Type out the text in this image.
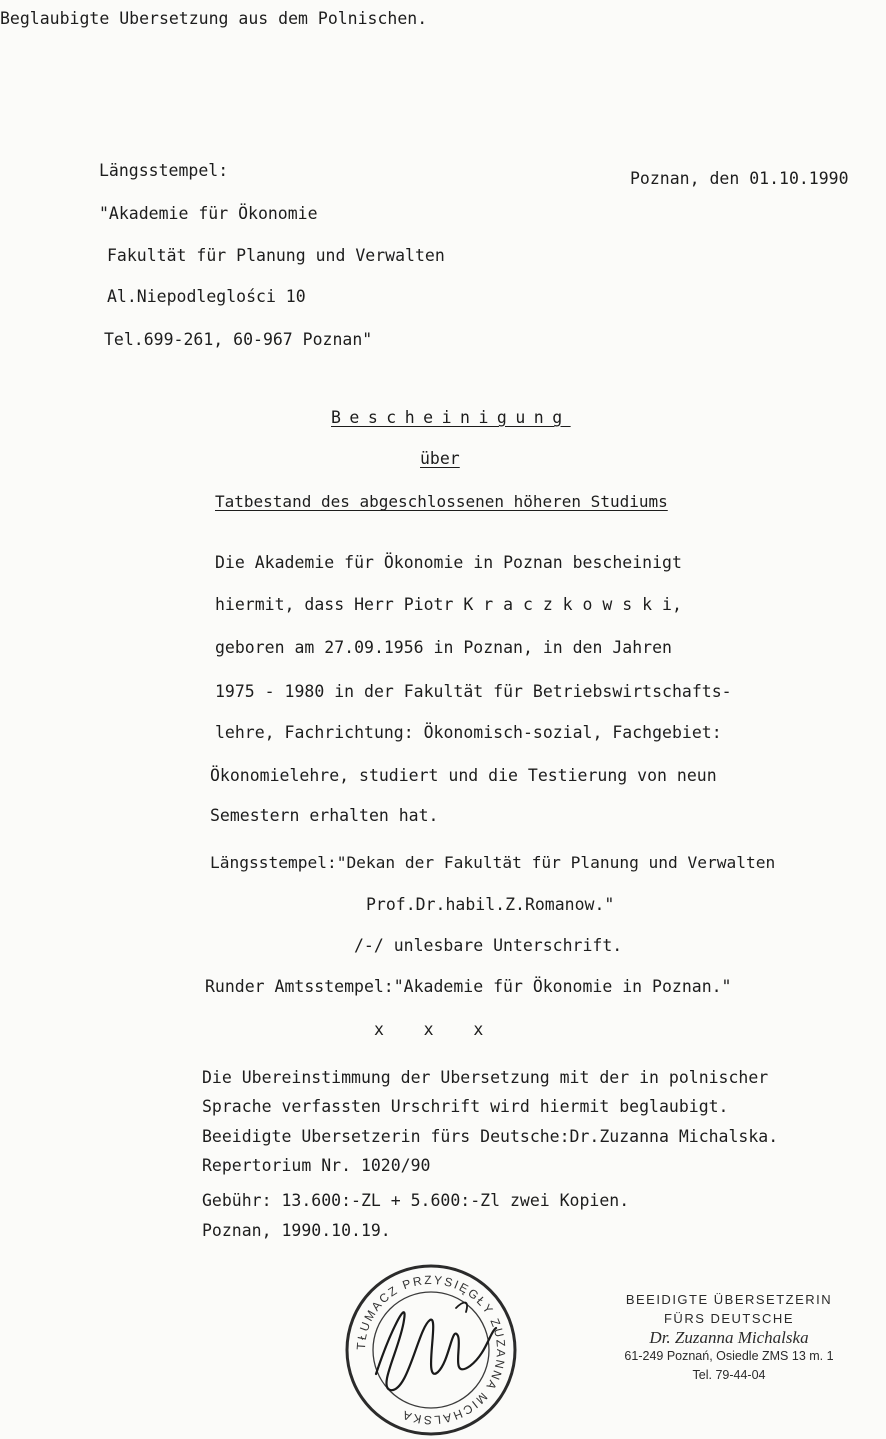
Beglaubigte Ubersetzung aus dem Polnischen.
Längsstempel:	Poznan, den 01.10.1990
"Akademie für Ökonomie
Fakultät für Planung und Verwalten
Al.Niepodleglości 10
Tel.699-261, 60-967 Poznan"
Bescheinigung
über
Tatbestand des abgeschlossenen höheren Studiums
Die Akademie für Ökonomie in Poznan bescheinigt
hiermit, dass Herr Piotr K r a c z k o w s k i,
geboren am 27.09.1956 in Poznan, in den Jahren
1975 - 1980 in der Fakultät für Betriebswirtschafts-
lehre, Fachrichtung: Ökonomisch-sozial, Fachgebiet:
Ökonomielehre, studiert und die Testierung von neun
Semestern erhalten hat.
Längsstempel:"Dekan der Fakultät für Planung und Verwalten
Prof.Dr.habil.Z.Romanow."
/-/ unlesbare Unterschrift.
Runder Amtsstempel:"Akademie für Ökonomie in Poznan."
x    x    x
Die Ubereinstimmung der Ubersetzung mit der in polnischer
Sprache verfassten Urschrift wird hiermit beglaubigt.
Beeidigte Ubersetzerin fürs Deutsche:Dr.Zuzanna Michalska.
Repertorium Nr. 1020/90
Gebühr: 13.600:-ZL + 5.600:-Zl zwei Kopien.
Poznan, 1990.10.19.
TŁUMACZ PRZYSIĘGŁY ZUZANNA MICHALSKA
BEEIDIGTE ÜBERSETZERIN
FÜRS DEUTSCHE
Dr. Zuzanna Michalska
61-249 Poznań, Osiedle ZMS 13 m. 1
Tel. 79-44-04
